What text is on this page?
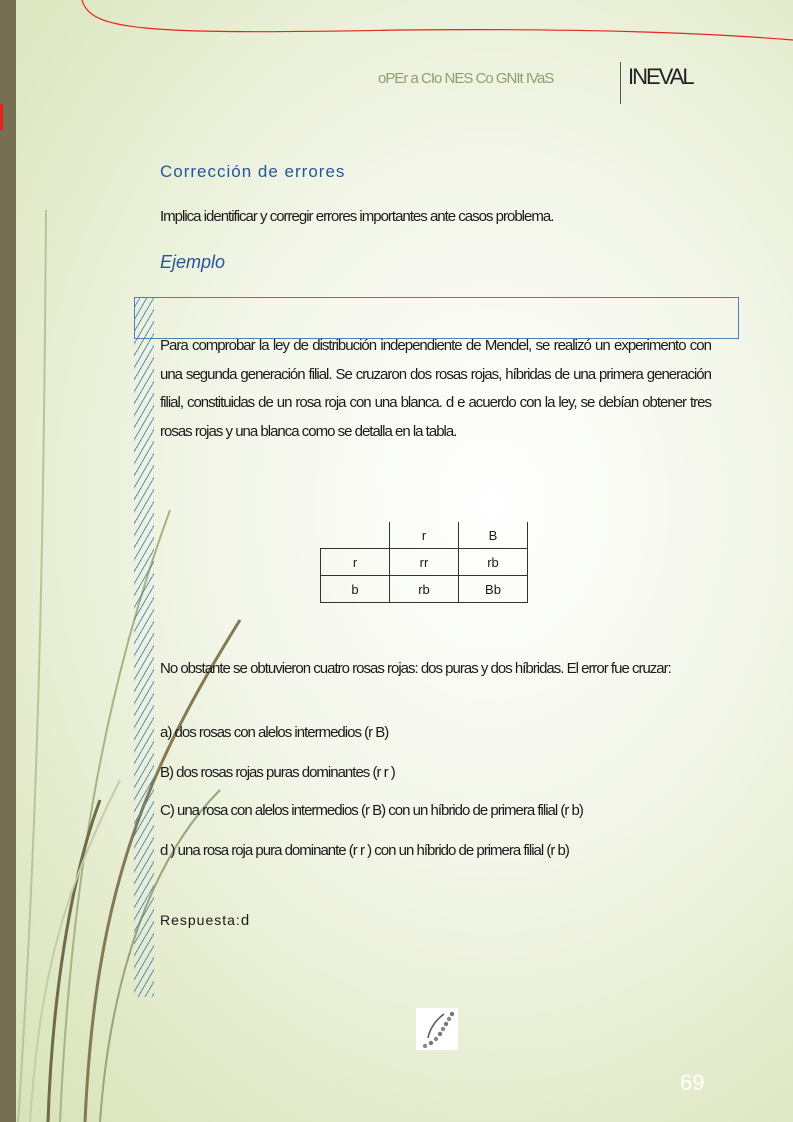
oPEr a CIo NES Co GNIt IVaS	INEVAL
Corrección de errores
Implica identificar y corregir errores importantes ante casos problema.
Ejemplo
Para comprobar la ley de distribución independiente de Mendel, se realizó un experimento con una segunda generación filial. Se cruzaron dos rosas rojas, híbridas de una primera generación filial, constituidas de un rosa roja con una blanca. d e acuerdo con la ley, se debían obtener tres rosas rojas y una blanca como se detalla en la tabla.
	r	B
r	rr	rb
b	rb	Bb
No obstante se obtuvieron cuatro rosas rojas: dos puras y dos híbridas. El error fue cruzar:
a) dos rosas con alelos intermedios (r B)
B) dos rosas rojas puras dominantes (r r )
C) una rosa con alelos intermedios (r B) con un híbrido de primera filial (r b)
d ) una rosa roja pura dominante (r r ) con un híbrido de primera filial (r b)
Respuesta:d
69
